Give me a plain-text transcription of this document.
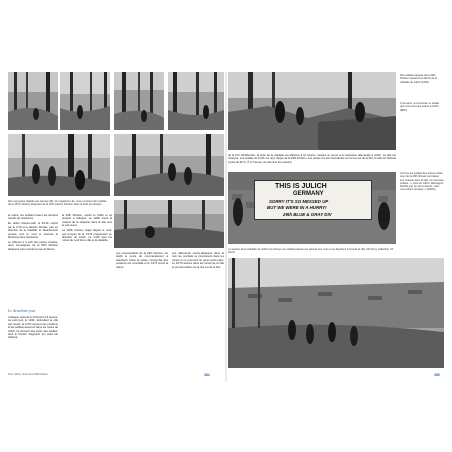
Des regroupés réalisés par George Silk, du magazine Life, nous montrent des soldats de la 117th Infantry Regiment de la 30th Infantry Division dans la forêt de Hürtgen.

la rivière, les soldats brisent les derniers nœuds de résistance.

En début d'après-midi, le 3/119, rejoint par le 1/16 et la division blindée, part en direction de la citadelle; le détachement pousse vers le nord et traverse le faubourg sans résistance.

Le 2/lancer 2 a subi des pertes cruelles, deux compagnies de la 84th Division attaquent sans succès la rive du fleuve.

Le deuxième jour

L'attaque reprend le 24 février à 6 heures. Au petit jour, le 119th, débordant la ville par l'ouest, la 117th reprend ses positions et les soldats avancent dans les ruines de Jülich. Ils trouvent des civils, des soldats, dont le Panzer Regiment qui avait été déployé.

la 29th Division, rejoint le 119th et se prépare à l'attaque. Le 119th reçoit la mission de se déplacer dans la ville vers le sud-ouest.

La 116th Infantry réagit depuis le nord. Les troupes de la 1/175 progressent en direction de Jülich. Le 1/116 tient les ruines du nord de la ville et la citadelle.

Les commandants de la 29th Division ont établi le poste de commandement à Hambach. Dans la soirée, l'ensemble des positions est consolidé et le 1/175 prend la relève.

Les Allemands contre-attaquent dans la nuit; les combats se poursuivent dans les ruines et ne prennent fin qu'au petit matin. Le 3/175 avance dans les ruines de la ville et prend position sur la rive est de la Rur.

Foto: Jülich, cliché de la 29th Division.	384
Des soldats équipés de la 29th Division passent les débris de la citadelle de Jülich (1945).
C'est ainsi, a commenté un soldat, que nous sommes entrés à Jülich (BPK).
de la Fort Wohlbrücke, la prise de la citadelle est effective à 10 heures, mettant un terme à la résistance allemande à Jülich. La ville est nettoyée. Les soldats du 1/116 ont reçu l'appui de la 29th Division. Les pertes ont été importantes sur la rive est de la Rur, la ville est détruite à plus de 90 %. À 17 heures, les derniers tirs cessent.
THIS IS JULICH
GERMANY
SORRY IT'S SO MESSED UP
BUT WE WERE IN A HURRY!
29th BLUE & GRAY DIV
Comme les soldats des autres unités, ceux de la 29th Division ont laissé leur marque dans la ville. Un panneau indique : « Ceci est Jülich, Allemagne. Désolé que ce soit si détruit, mais nous étions pressés. » (NARA).
Le secteur de la citadelle de Jülich est nettoyé, les soldats passent au pied de ses murs et se déploient à l'est de la ville (US Army Collection / R. Hertz).
385
